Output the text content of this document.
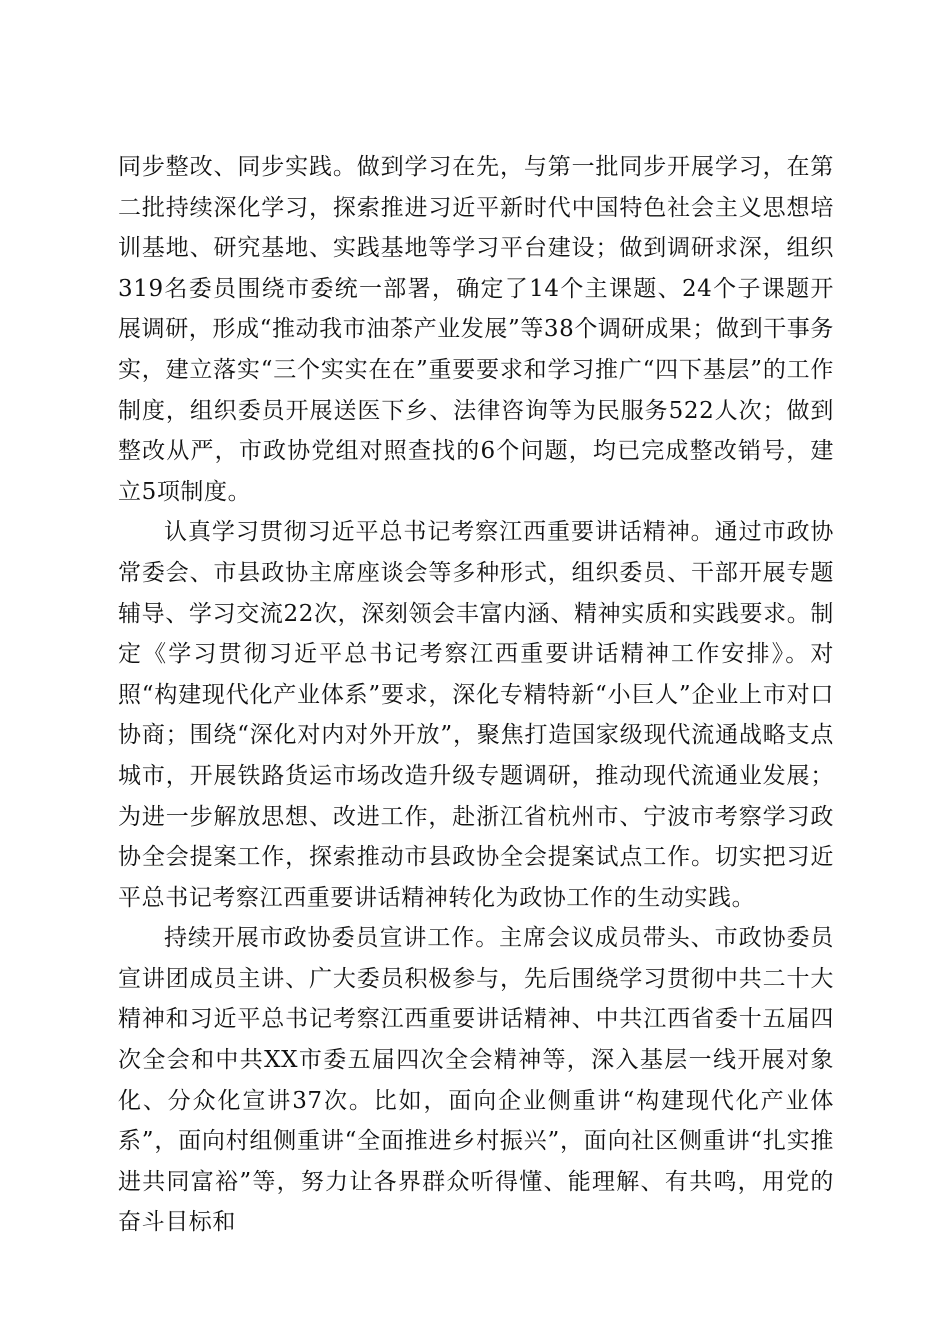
同步整改、同步实践。做到学习在先，与第一批同步开展学习，在第二批持续深化学习，探索推进习近平新时代中国特色社会主义思想培训基地、研究基地、实践基地等学习平台建设；做到调研求深，组织319名委员围绕市委统一部署，确定了14个主课题、24个子课题开展调研，形成“推动我市油茶产业发展”等38个调研成果；做到干事务实，建立落实“三个实实在在”重要要求和学习推广“四下基层”的工作制度，组织委员开展送医下乡、法律咨询等为民服务522人次；做到整改从严，市政协党组对照查找的6个问题，均已完成整改销号，建立5项制度。

认真学习贯彻习近平总书记考察江西重要讲话精神。通过市政协常委会、市县政协主席座谈会等多种形式，组织委员、干部开展专题辅导、学习交流22次，深刻领会丰富内涵、精神实质和实践要求。制定《学习贯彻习近平总书记考察江西重要讲话精神工作安排》。对照“构建现代化产业体系”要求，深化专精特新“小巨人”企业上市对口协商；围绕“深化对内对外开放”，聚焦打造国家级现代流通战略支点城市，开展铁路货运市场改造升级专题调研，推动现代流通业发展；为进一步解放思想、改进工作，赴浙江省杭州市、宁波市考察学习政协全会提案工作，探索推动市县政协全会提案试点工作。切实把习近平总书记考察江西重要讲话精神转化为政协工作的生动实践。

持续开展市政协委员宣讲工作。主席会议成员带头、市政协委员宣讲团成员主讲、广大委员积极参与，先后围绕学习贯彻中共二十大精神和习近平总书记考察江西重要讲话精神、中共江西省委十五届四次全会和中共XX市委五届四次全会精神等，深入基层一线开展对象化、分众化宣讲37次。比如，面向企业侧重讲“构建现代化产业体系”，面向村组侧重讲“全面推进乡村振兴”，面向社区侧重讲“扎实推进共同富裕”等，努力让各界群众听得懂、能理解、有共鸣，用党的奋斗目标和
